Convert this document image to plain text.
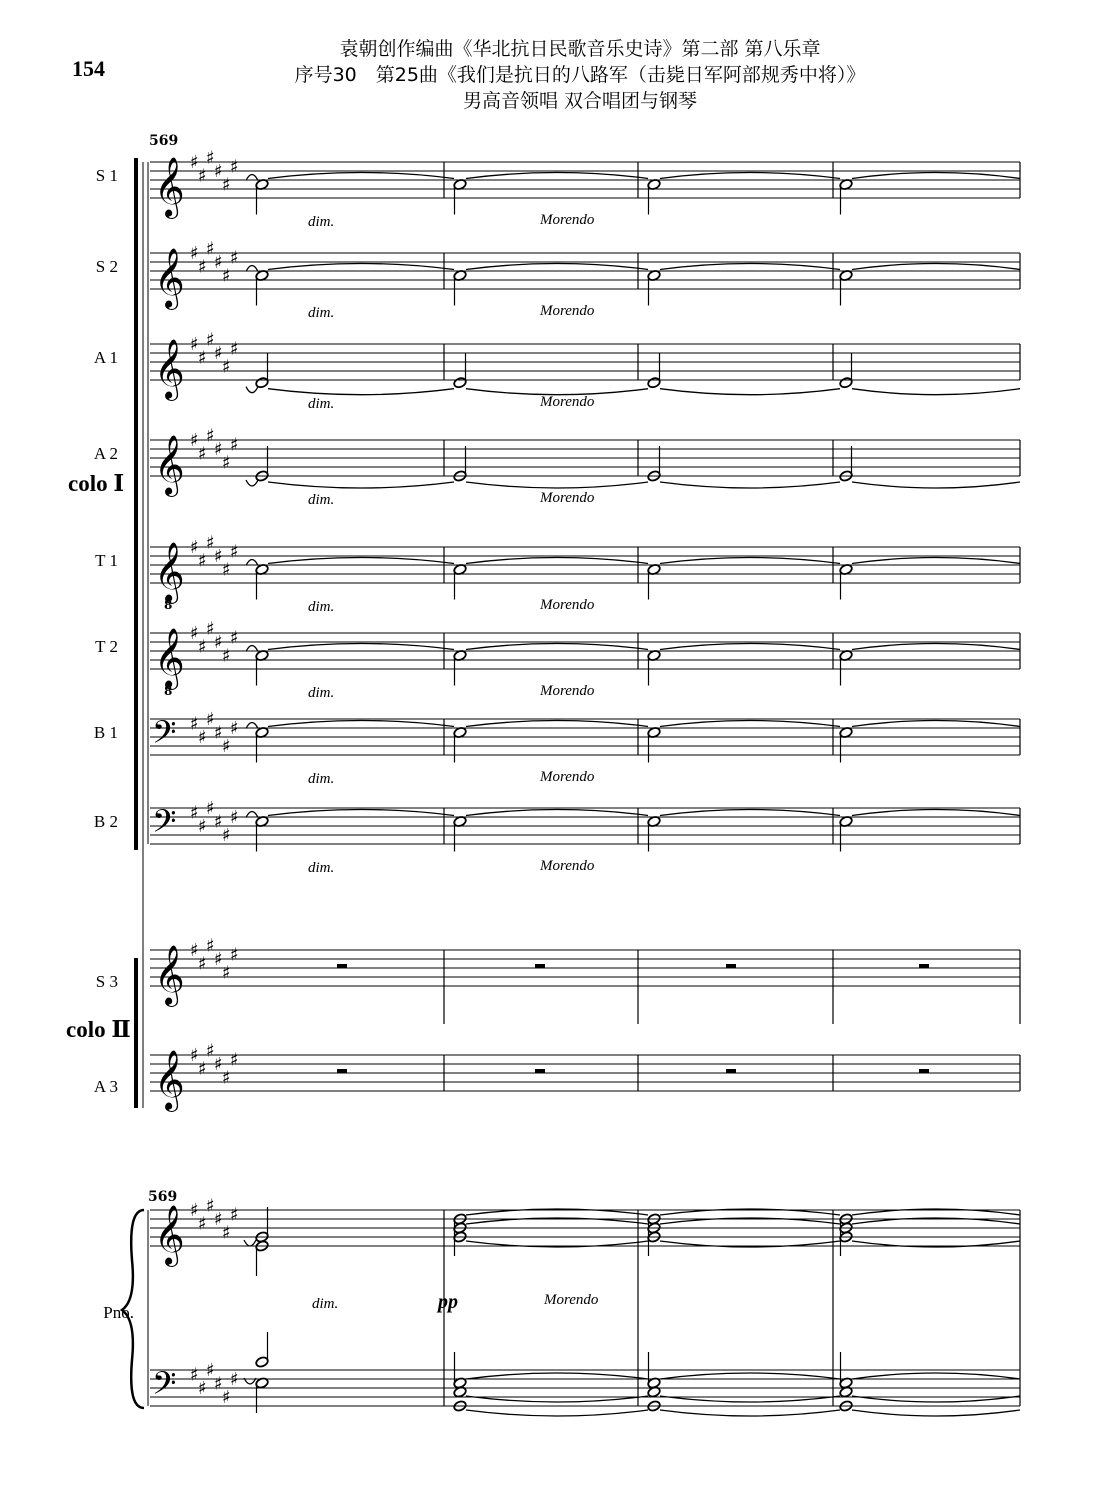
154
袁朝创作编曲《华北抗日民歌音乐史诗》第二部 第八乐章
序号30　第25曲《我们是抗日的八路军（击毙日军阿部规秀中将）》
男高音领唱 双合唱团与钢琴
569
𝄞 ♯
♯
♯
♯
♯
♯
𝄞 ♯
♯
♯
♯
♯
♯
𝄞 ♯
♯
♯
♯
♯
♯
𝄞 ♯
♯
♯
♯
♯
♯
𝄞
8
♯
♯
♯
♯
♯
♯
𝄞
8
♯
♯
♯
♯
♯
♯
𝄢 ♯
♯
♯
♯
♯
♯
𝄢 ♯
♯
♯
♯
♯
♯
𝄞 ♯
♯
♯
♯
♯
♯
𝄞 ♯
♯
♯
♯
♯
♯
569
𝄞 ♯
♯
♯
♯
♯
♯
𝄢 ♯
♯
♯
♯
♯
♯
S 1
dim.	Morendo
S 2
dim.	Morendo
A 1
dim.	Morendo
A 2
dim.	Morendo
T 1
dim.	Morendo
T 2
dim.	Morendo
B 1
dim.	Morendo
B 2
dim.	Morendo
colo Ⅰ
S 3
A 3
colo Ⅱ
Pno.	dim.	pp	Morendo
